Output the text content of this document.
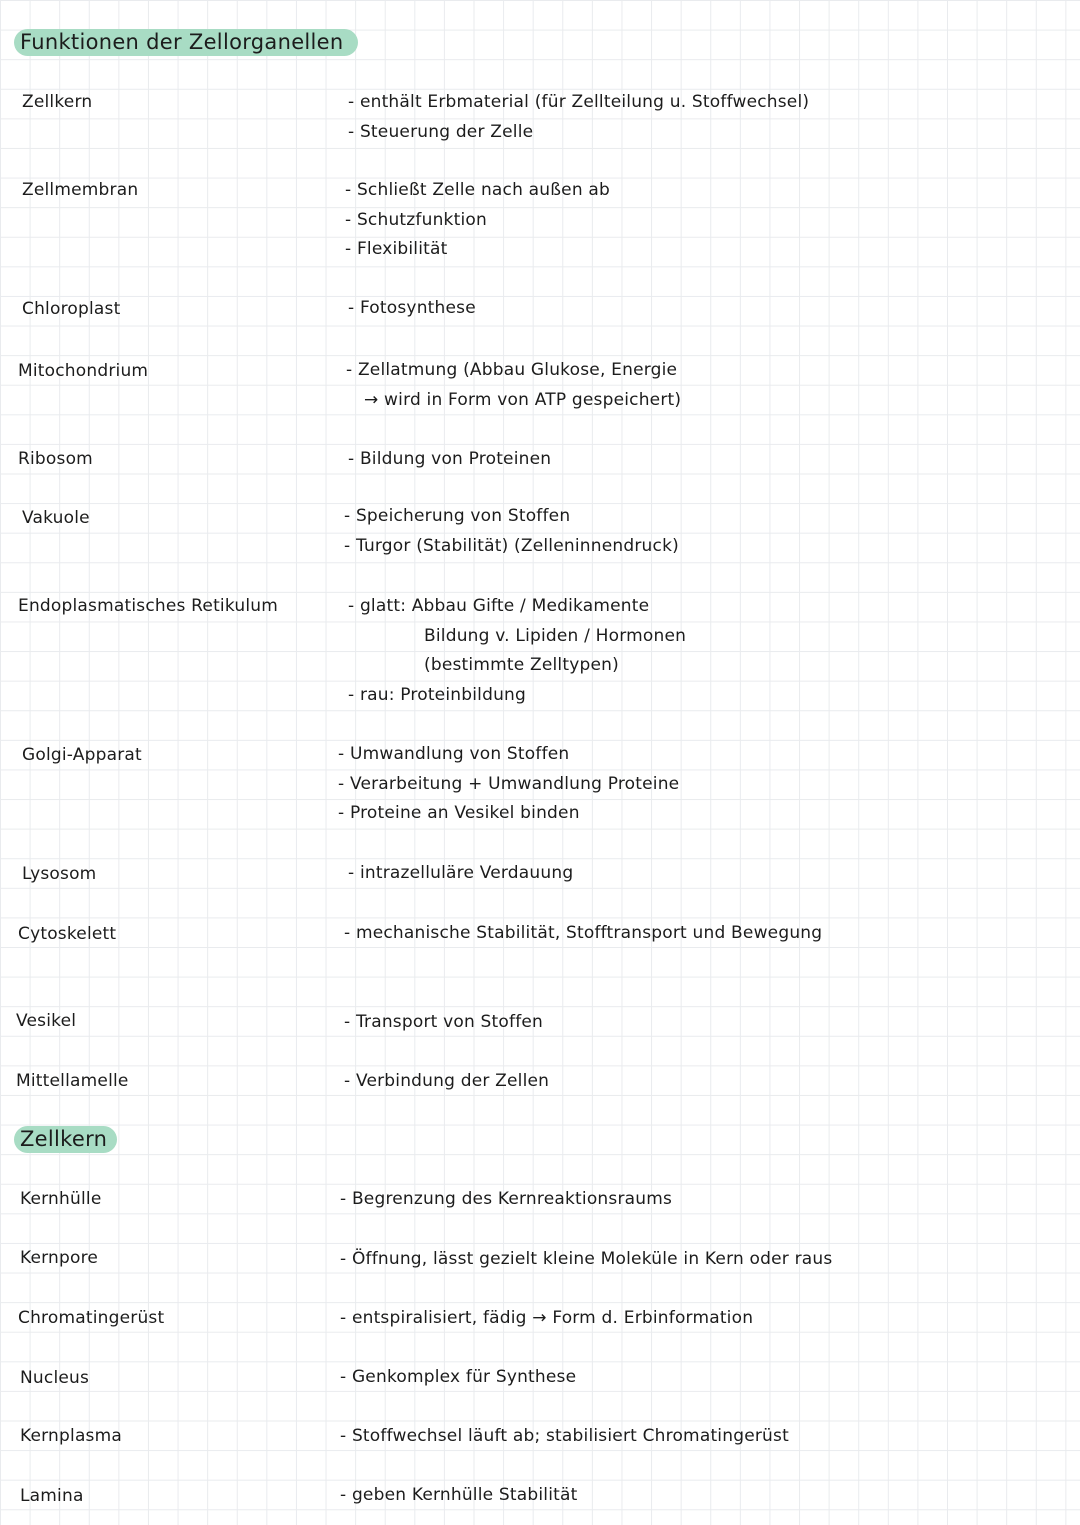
Funktionen der Zellorganellen
Zellkern	- enthält Erbmaterial (für Zellteilung u. Stoffwechsel)
- Steuerung der Zelle
Zellmembran	- Schließt Zelle nach außen ab
- Schutzfunktion
- Flexibilität
Chloroplast	- Fotosynthese
Mitochondrium	- Zellatmung (Abbau Glukose, Energie
→ wird in Form von ATP gespeichert)
Ribosom	- Bildung von Proteinen
Vakuole	- Speicherung von Stoffen
- Turgor (Stabilität) (Zelleninnendruck)
Endoplasmatisches Retikulum	- glatt: Abbau Gifte / Medikamente
Bildung v. Lipiden / Hormonen
(bestimmte Zelltypen)
- rau: Proteinbildung
Golgi-Apparat	- Umwandlung von Stoffen
- Verarbeitung + Umwandlung Proteine
- Proteine an Vesikel binden
Lysosom	- intrazelluläre Verdauung
Cytoskelett	- mechanische Stabilität, Stofftransport und Bewegung
Vesikel	- Transport von Stoffen
Mittellamelle	- Verbindung der Zellen
Zellkern
Kernhülle	- Begrenzung des Kernreaktionsraums
Kernpore	- Öffnung, lässt gezielt kleine Moleküle in Kern oder raus
Chromatingerüst	- entspiralisiert, fädig → Form d. Erbinformation
Nucleus	- Genkomplex für Synthese
Kernplasma	- Stoffwechsel läuft ab; stabilisiert Chromatingerüst
Lamina	- geben Kernhülle Stabilität
